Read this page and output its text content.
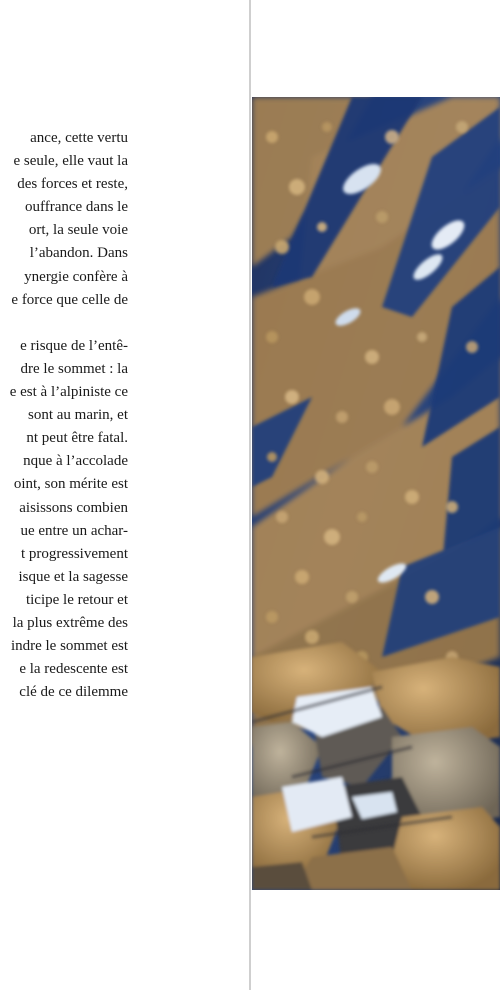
ance, cette vertu
e seule, elle vaut la
des forces et reste,
ouffrance dans le
ort, la seule voie
l’abandon. Dans
ynergie confère à
e force que celle de
e risque de l’entê-
dre le sommet : la
e est à l’alpiniste ce
sont au marin, et
nt peut être fatal.
nque à l’accolade
oint, son mérite est
aisissons combien
ue entre un achar-
t progressivement
isque et la sagesse
ticipe le retour et
la plus extrême des
indre le sommet est
e la redescente est
clé de ce dilemme
